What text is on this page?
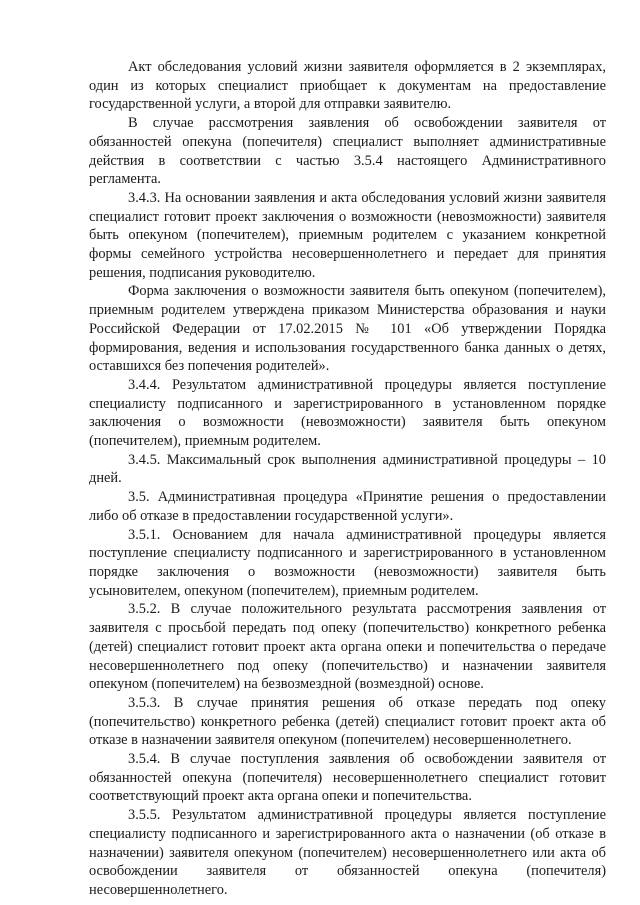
Акт обследования условий жизни заявителя оформляется в 2 экземплярах, один из которых специалист приобщает к документам на предоставление государственной услуги, а второй для отправки заявителю.

В случае рассмотрения заявления об освобождении заявителя от обязанностей опекуна (попечителя) специалист выполняет административные действия в соответствии с частью 3.5.4 настоящего Административного регламента.

3.4.3. На основании заявления и акта обследования условий жизни заявителя специалист готовит проект заключения о возможности (невозможности) заявителя быть опекуном (попечителем), приемным родителем с указанием конкретной формы семейного устройства несовершеннолетнего и передает для принятия решения, подписания руководителю.

Форма заключения о возможности заявителя быть опекуном (попечителем), приемным родителем утверждена приказом Министерства образования и науки Российской Федерации от 17.02.2015 № 101 «Об утверждении Порядка формирования, ведения и использования государственного банка данных о детях, оставшихся без попечения родителей».

3.4.4. Результатом административной процедуры является поступление специалисту подписанного и зарегистрированного в установленном порядке заключения о возможности (невозможности) заявителя быть опекуном (попечителем), приемным родителем.

3.4.5. Максимальный срок выполнения административной процедуры – 10 дней.

3.5. Административная процедура «Принятие решения о предоставлении либо об отказе в предоставлении государственной услуги».

3.5.1. Основанием для начала административной процедуры является поступление специалисту подписанного и зарегистрированного в установленном порядке заключения о возможности (невозможности) заявителя быть усыновителем, опекуном (попечителем), приемным родителем.

3.5.2. В случае положительного результата рассмотрения заявления от заявителя с просьбой передать под опеку (попечительство) конкретного ребенка (детей) специалист готовит проект акта органа опеки и попечительства о передаче несовершеннолетнего под опеку (попечительство) и назначении заявителя опекуном (попечителем) на безвозмездной (возмездной) основе.

3.5.3. В случае принятия решения об отказе передать под опеку (попечительство) конкретного ребенка (детей) специалист готовит проект акта об отказе в назначении заявителя опекуном (попечителем) несовершеннолетнего.

3.5.4. В случае поступления заявления об освобождении заявителя от обязанностей опекуна (попечителя) несовершеннолетнего специалист готовит соответствующий проект акта органа опеки и попечительства.

3.5.5. Результатом административной процедуры является поступление специалисту подписанного и зарегистрированного акта о назначении (об отказе в назначении) заявителя опекуном (попечителем) несовершеннолетнего или акта об освобождении заявителя от обязанностей опекуна (попечителя) несовершеннолетнего.
